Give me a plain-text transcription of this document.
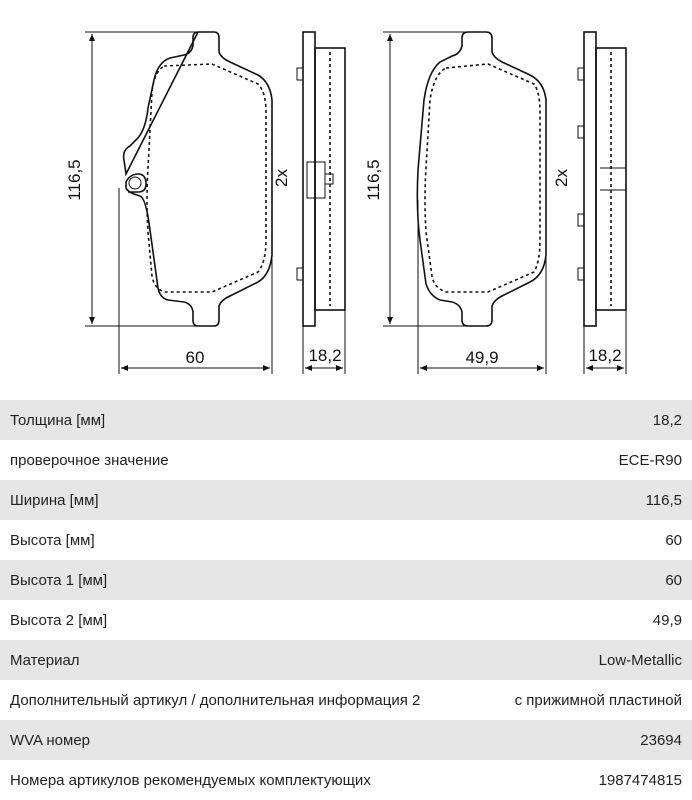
116,5
60
2x
18,2
116,5
49,9
2x
18,2
Толщина [мм]	18,2
проверочное значение	ECE-R90
Ширина [мм]	116,5
Высота [мм]	60
Высота 1 [мм]	60
Высота 2 [мм]	49,9
Материал	Low-Metallic
Дополнительный артикул / дополнительная информация 2	с прижимной пластиной
WVA номер	23694
Номера артикулов рекомендуемых комплектующих	1987474815
